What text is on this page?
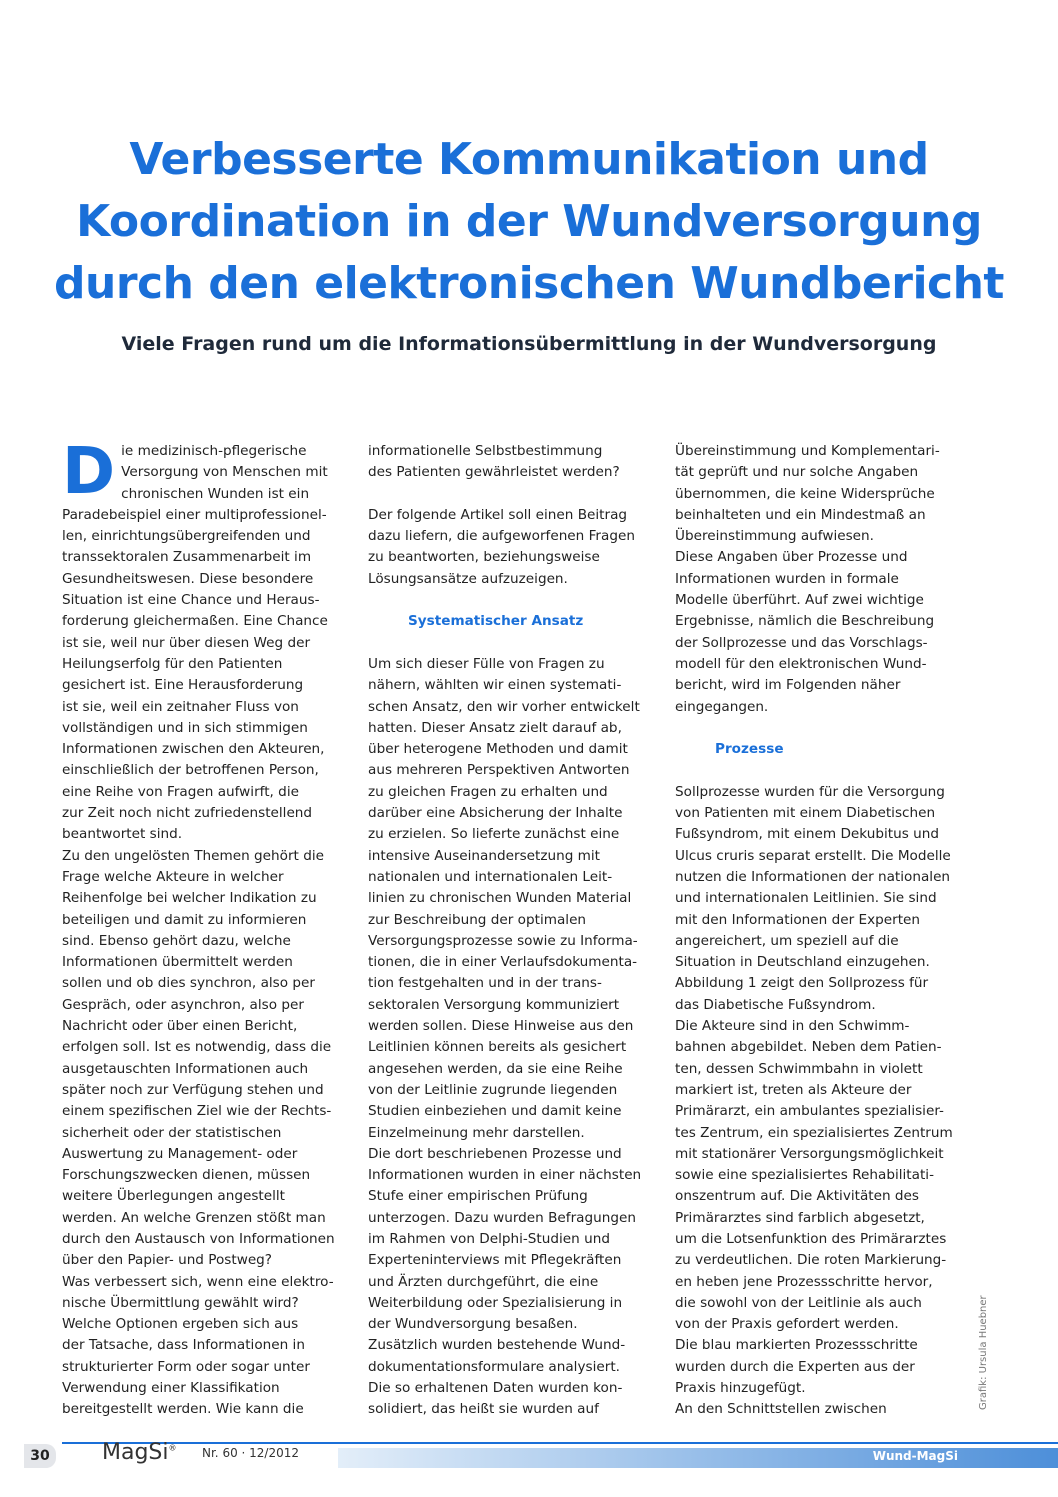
Verbesserte Kommunikation und Koordination in der Wundversorgung durch den elektronischen Wundbericht
Viele Fragen rund um die Informationsübermittlung in der Wundversorgung
D ie medizinisch-pflegerische
Versorgung von Menschen mit
chronischen Wunden ist ein
Paradebeispiel einer multiprofessionel-
len, einrichtungsübergreifenden und
transsektoralen Zusammenarbeit im
Gesundheitswesen. Diese besondere
Situation ist eine Chance und Heraus-
forderung gleichermaßen. Eine Chance
ist sie, weil nur über diesen Weg der
Heilungserfolg für den Patienten
gesichert ist. Eine Herausforderung
ist sie, weil ein zeitnaher Fluss von
vollständigen und in sich stimmigen
Informationen zwischen den Akteuren,
einschließlich der betroffenen Person,
eine Reihe von Fragen aufwirft, die
zur Zeit noch nicht zufriedenstellend
beantwortet sind.
Zu den ungelösten Themen gehört die
Frage welche Akteure in welcher
Reihenfolge bei welcher Indikation zu
beteiligen und damit zu informieren
sind. Ebenso gehört dazu, welche
Informationen übermittelt werden
sollen und ob dies synchron, also per
Gespräch, oder asynchron, also per
Nachricht oder über einen Bericht,
erfolgen soll. Ist es notwendig, dass die
ausgetauschten Informationen auch
später noch zur Verfügung stehen und
einem spezifischen Ziel wie der Rechts-
sicherheit oder der statistischen
Auswertung zu Management- oder
Forschungszwecken dienen, müssen
weitere Überlegungen angestellt
werden. An welche Grenzen stößt man
durch den Austausch von Informationen
über den Papier- und Postweg?
Was verbessert sich, wenn eine elektro-
nische Übermittlung gewählt wird?
Welche Optionen ergeben sich aus
der Tatsache, dass Informationen in
strukturierter Form oder sogar unter
Verwendung einer Klassifikation
bereitgestellt werden. Wie kann die

informationelle Selbstbestimmung
des Patienten gewährleistet werden?

Der folgende Artikel soll einen Beitrag
dazu liefern, die aufgeworfenen Fragen
zu beantworten, beziehungsweise
Lösungsansätze aufzuzeigen.

Systematischer Ansatz

Um sich dieser Fülle von Fragen zu
nähern, wählten wir einen systemati-
schen Ansatz, den wir vorher entwickelt
hatten. Dieser Ansatz zielt darauf ab,
über heterogene Methoden und damit
aus mehreren Perspektiven Antworten
zu gleichen Fragen zu erhalten und
darüber eine Absicherung der Inhalte
zu erzielen. So lieferte zunächst eine
intensive Auseinandersetzung mit
nationalen und internationalen Leit-
linien zu chronischen Wunden Material
zur Beschreibung der optimalen
Versorgungsprozesse sowie zu Informa-
tionen, die in einer Verlaufsdokumenta-
tion festgehalten und in der trans-
sektoralen Versorgung kommuniziert
werden sollen. Diese Hinweise aus den
Leitlinien können bereits als gesichert
angesehen werden, da sie eine Reihe
von der Leitlinie zugrunde liegenden
Studien einbeziehen und damit keine
Einzelmeinung mehr darstellen.
Die dort beschriebenen Prozesse und
Informationen wurden in einer nächsten
Stufe einer empirischen Prüfung
unterzogen. Dazu wurden Befragungen
im Rahmen von Delphi-Studien und
Experteninterviews mit Pflegekräften
und Ärzten durchgeführt, die eine
Weiterbildung oder Spezialisierung in
der Wundversorgung besaßen.
Zusätzlich wurden bestehende Wund-
dokumentationsformulare analysiert.
Die so erhaltenen Daten wurden kon-
solidiert, das heißt sie wurden auf

Übereinstimmung und Komplementari-
tät geprüft und nur solche Angaben
übernommen, die keine Widersprüche
beinhalteten und ein Mindestmaß an
Übereinstimmung aufwiesen.
Diese Angaben über Prozesse und
Informationen wurden in formale
Modelle überführt. Auf zwei wichtige
Ergebnisse, nämlich die Beschreibung
der Sollprozesse und das Vorschlags-
modell für den elektronischen Wund-
bericht, wird im Folgenden näher
eingegangen.

Prozesse

Sollprozesse wurden für die Versorgung
von Patienten mit einem Diabetischen
Fußsyndrom, mit einem Dekubitus und
Ulcus cruris separat erstellt. Die Modelle
nutzen die Informationen der nationalen
und internationalen Leitlinien. Sie sind
mit den Informationen der Experten
angereichert, um speziell auf die
Situation in Deutschland einzugehen.
Abbildung 1 zeigt den Sollprozess für
das Diabetische Fußsyndrom.
Die Akteure sind in den Schwimm-
bahnen abgebildet. Neben dem Patien-
ten, dessen Schwimmbahn in violett
markiert ist, treten als Akteure der
Primärarzt, ein ambulantes spezialisier-
tes Zentrum, ein spezialisiertes Zentrum
mit stationärer Versorgungsmöglichkeit
sowie eine spezialisiertes Rehabilitati-
onszentrum auf. Die Aktivitäten des
Primärarztes sind farblich abgesetzt,
um die Lotsenfunktion des Primärarztes
zu verdeutlichen. Die roten Markierung-
en heben jene Prozessschritte hervor,
die sowohl von der Leitlinie als auch
von der Praxis gefordert werden.
Die blau markierten Prozessschritte
wurden durch die Experten aus der
Praxis hinzugefügt.
An den Schnittstellen zwischen	Grafik: Ursula Huebner
30 MagSi® Nr. 60 · 12/2012	Wund-MagSi
